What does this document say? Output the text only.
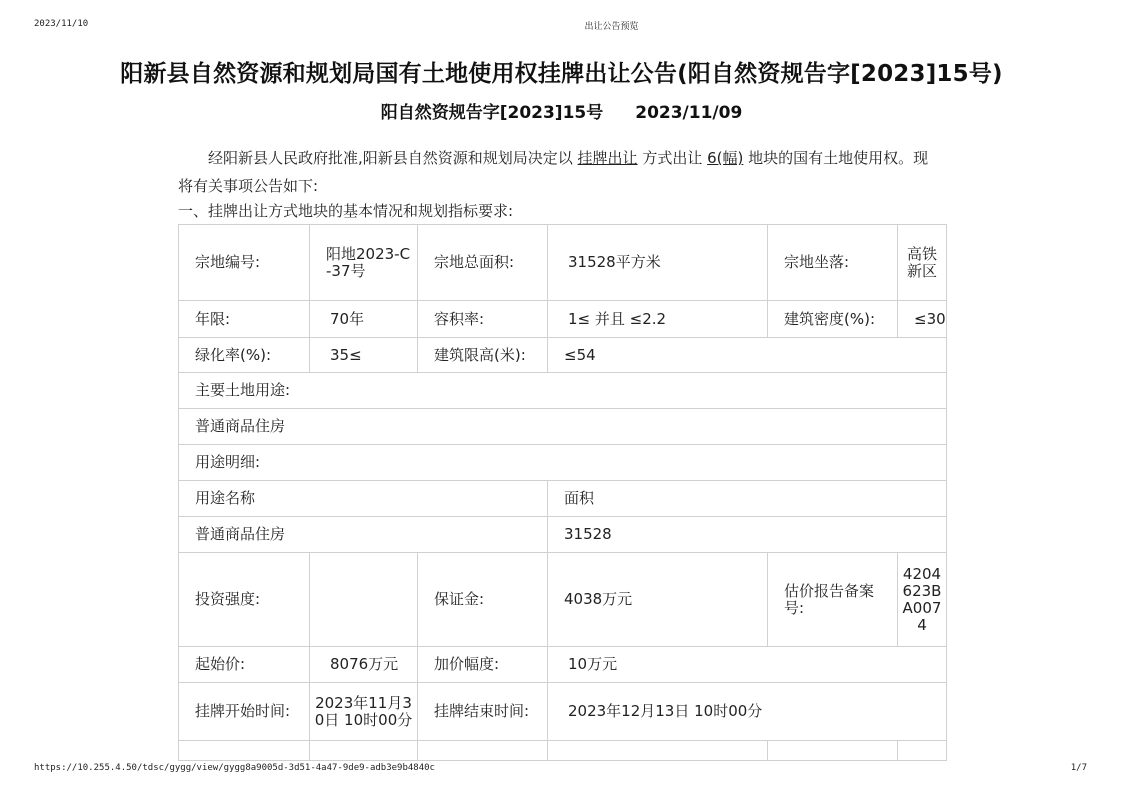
2023/11/10	出让公告预览
阳新县自然资源和规划局国有土地使用权挂牌出让公告(阳自然资规告字[2023]15号)
阳自然资规告字[2023]15号 2023/11/09
经阳新县人民政府批准,阳新县自然资源和规划局决定以 挂牌出让 方式出让 6(幅) 地块的国有土地使用权。现将有关事项公告如下:
一、挂牌出让方式地块的基本情况和规划指标要求:
宗地编号:	阳地2023-C-37号	宗地总面积:	31528平方米	宗地坐落:	高铁新区
年限:	70年	容积率:	1≤ 并且 ≤2.2	建筑密度(%):	≤30
绿化率(%):	35≤	建筑限高(米):	≤54		
主要土地用途:					
普通商品住房					
用途明细:					
用途名称			面积		
普通商品住房			31528		
投资强度:		保证金:	4038万元	估价报告备案号:	4204623BA0074
起始价:	8076万元	加价幅度:	10万元		
挂牌开始时间:	2023年11月30日 10时00分	挂牌结束时间:	2023年12月13日 10时00分		

https://10.255.4.50/tdsc/gygg/view/gygg8a9005d-3d51-4a47-9de9-adb3e9b4840c	1/7
